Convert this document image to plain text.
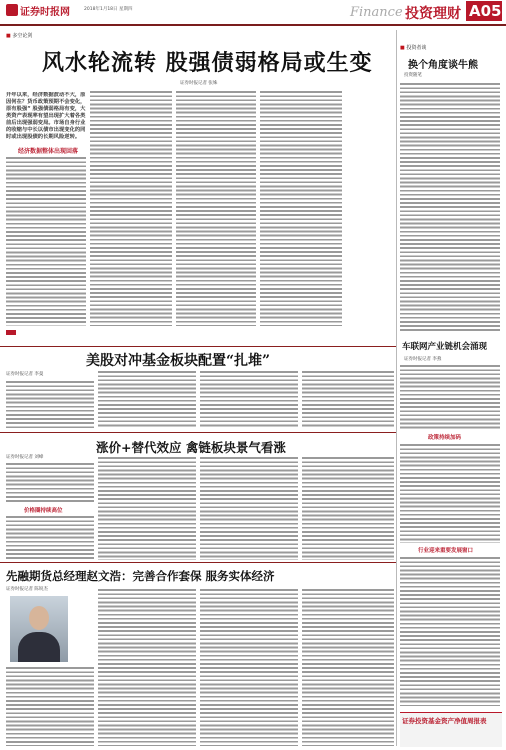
证券时报 网	2018年1月18日 星期四	Finance 投资理财 A05
■ 多空论剑
风水轮流转 股强债弱格局或生变
证券时报记者 张姝
开年以来，经济数据波动不大，原因何在？货币政策预期不会变化，原有股强“ 股强债弱格局有变，大类资产表现率有望出现扩大着各类前后出现强弱变局。市场自身行业的收缩与中长以债市出现变化的同时或出现股债的长期风险逆转。
经济数据整体出现回落
■ 投资者谈
换个角度谈牛熊
投资随笔
车联网产业链机会涌现
证券时报记者 李燕
政策持续加码
行业迎来重要发展窗口
证券投资基金资产净值周报表
美股对冲基金板块配置“扎堆”
证券时报记者 李曼
涨价+替代效应 禽链板块景气看涨
证券时报记者 刘峰
价格圈持续高位
先融期货总经理赵文浩：完善合作套保 服务实体经济
证券时报记者 陈锐杰
